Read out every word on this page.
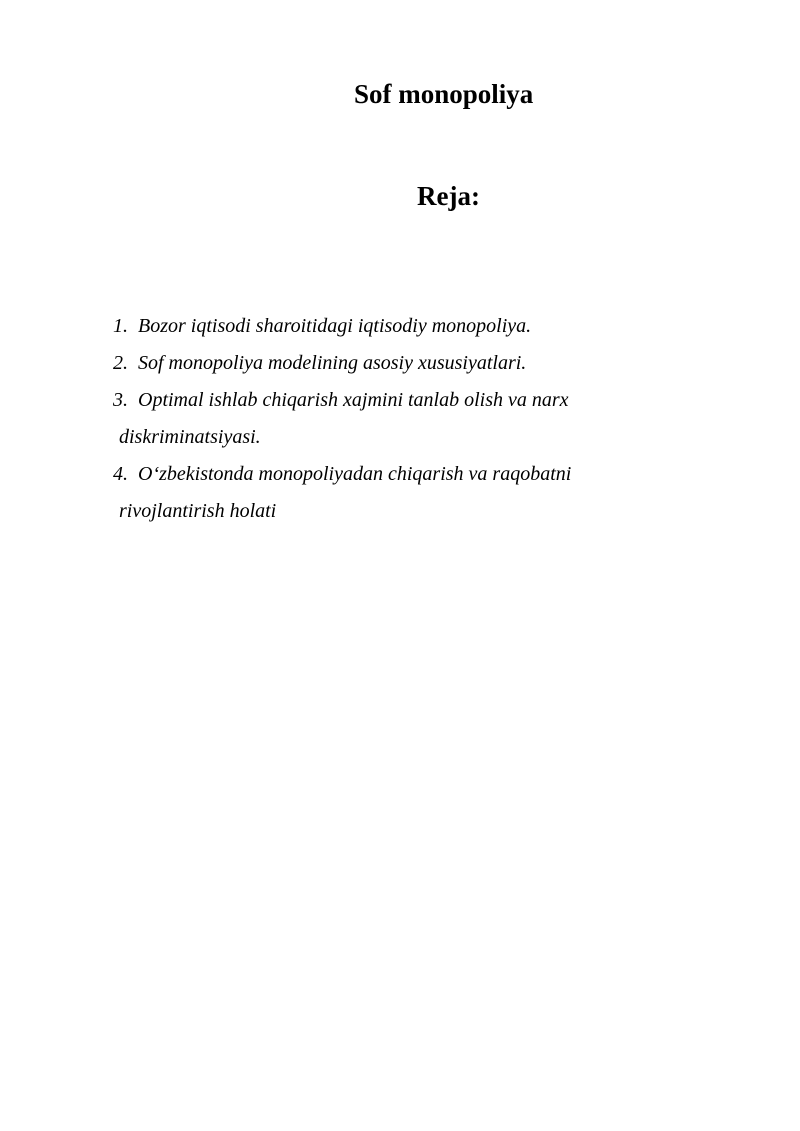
Sof monopoliya
Reja:
1. Bozor iqtisodi sharoitidagi iqtisodiy monopoliya.
2. Sof monopoliya modelining asosiy xususiyatlari.
3. Optimal ishlab chiqarish xajmini tanlab olish va narx
diskriminatsiyasi.
4. O‘zbekistonda monopoliyadan chiqarish va raqobatni
rivojlantirish holati
